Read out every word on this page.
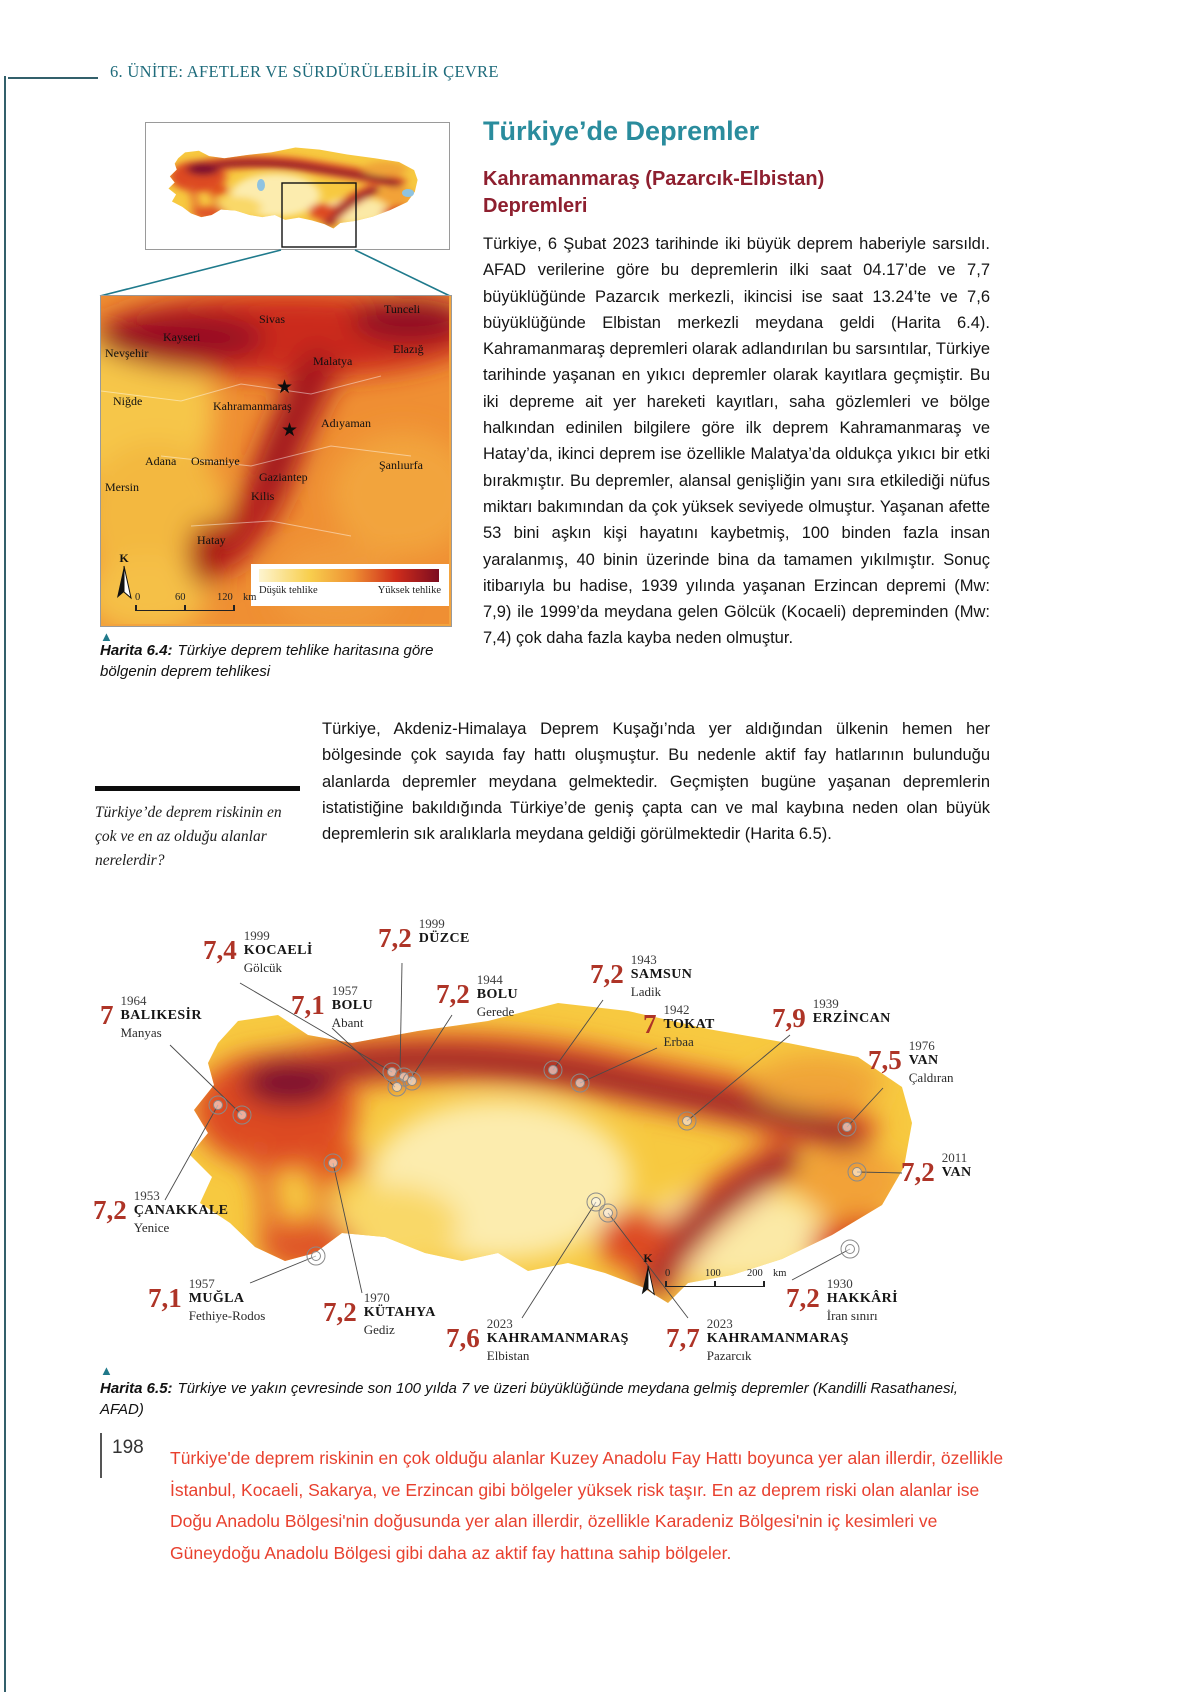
6. ÜNİTE: AFETLER VE SÜRDÜRÜLEBİLİR ÇEVRE
Sivas
Tunceli
Kayseri
Nevşehir
Malatya
Elazığ
Niğde	Kahramanmaraş
Adıyaman
Adana Osmaniye
Gaziantep
Şanlıurfa
Mersin
Kilis
Hatay
★
★
Düşük tehlike	Yüksek tehlike
K
0	60	120 km
▲

Harita 6.4: Türkiye deprem tehlike haritasına göre bölgenin deprem tehlikesi

Türkiye’de Depremler
Kahramanmaraş (Pazarcık-Elbistan) Depremleri

Türkiye, 6 Şubat 2023 tarihinde iki büyük deprem haberiyle sarsıldı. AFAD verilerine göre bu depremlerin ilki saat 04.17’de ve 7,7 büyüklüğünde Pazarcık merkezli, ikincisi ise saat 13.24’te ve 7,6 büyüklüğünde Elbistan merkezli meydana geldi (Harita 6.4). Kahramanmaraş depremleri olarak adlandırılan bu sarsıntılar, Türkiye tarihinde yaşanan en yıkıcı depremler olarak kayıtlara geçmiştir. Bu iki depreme ait yer hareketi kayıtları, saha gözlemleri ve bölge halkından edinilen bilgilere göre ilk deprem Kahramanmaraş ve Hatay’da, ikinci deprem ise özellikle Malatya’da oldukça yıkıcı bir etki bırakmıştır. Bu depremler, alansal genişliğin yanı sıra etkilediği nüfus miktarı bakımından da çok yüksek seviyede olmuştur. Yaşanan afette 53 bini aşkın kişi hayatını kaybetmiş, 100 binden fazla insan yaralanmış, 40 binin üzerinde bina da tamamen yıkılmıştır. Sonuç itibarıyla bu hadise, 1939 yılında yaşanan Erzincan depremi (Mw: 7,9) ile 1999’da meydana gelen Gölcük (Kocaeli) depreminden (Mw: 7,4) çok daha fazla kayba neden olmuştur.

Türkiye, Akdeniz-Himalaya Deprem Kuşağı’nda yer aldığından ülkenin hemen her bölgesinde çok sayıda fay hattı oluşmuştur. Bu nedenle aktif fay hatlarının bulunduğu alanlarda depremler meydana gelmektedir. Geçmişten bugüne yaşanan depremlerin istatistiğine bakıldığında Türkiye’de geniş çapta can ve mal kaybına neden olan büyük depremlerin sık aralıklarla meydana geldiği görülmektedir (Harita 6.5).

Türkiye’de deprem riskinin en çok ve en az olduğu alanlar nerelerdir?
7,4 1999
KOCAELİ
Gölcük
7,2 1999
DÜZCE
7,1 1957
BOLU
Abant
7,2 1944
BOLU
Gerede
7,2 1943
SAMSUN
Ladik
7 1942
TOKAT
Erbaa
7,9 1939
ERZİNCAN
7,5 1976
VAN
Çaldıran
7 1964
BALIKESİR
Manyas
7,2 2011
VAN
7,2 1953
ÇANAKKALE
Yenice
7,1 1957
MUĞLA
Fethiye-Rodos 7,2 1970
KÜTAHYA
Gediz	7,6 2023
KAHRAMANMARAŞ
Elbistan
7,7 2023
KAHRAMANMARAŞ
Pazarcık
7,2 1930
HAKKÂRİ
İran sınırı
K
0	100	200 km
▲

Harita 6.5: Türkiye ve yakın çevresinde son 100 yılda 7 ve üzeri büyüklüğünde meydana gelmiş depremler (Kandilli Rasathanesi, AFAD)

198 Türkiye'de deprem riskinin en çok olduğu alanlar Kuzey Anadolu Fay Hattı boyunca yer alan illerdir, özellikle İstanbul, Kocaeli, Sakarya, ve Erzincan gibi bölgeler yüksek risk taşır. En az deprem riski olan alanlar ise Doğu Anadolu Bölgesi'nin doğusunda yer alan illerdir, özellikle Karadeniz Bölgesi'nin iç kesimleri ve Güneydoğu Anadolu Bölgesi gibi daha az aktif fay hattına sahip bölgeler.
